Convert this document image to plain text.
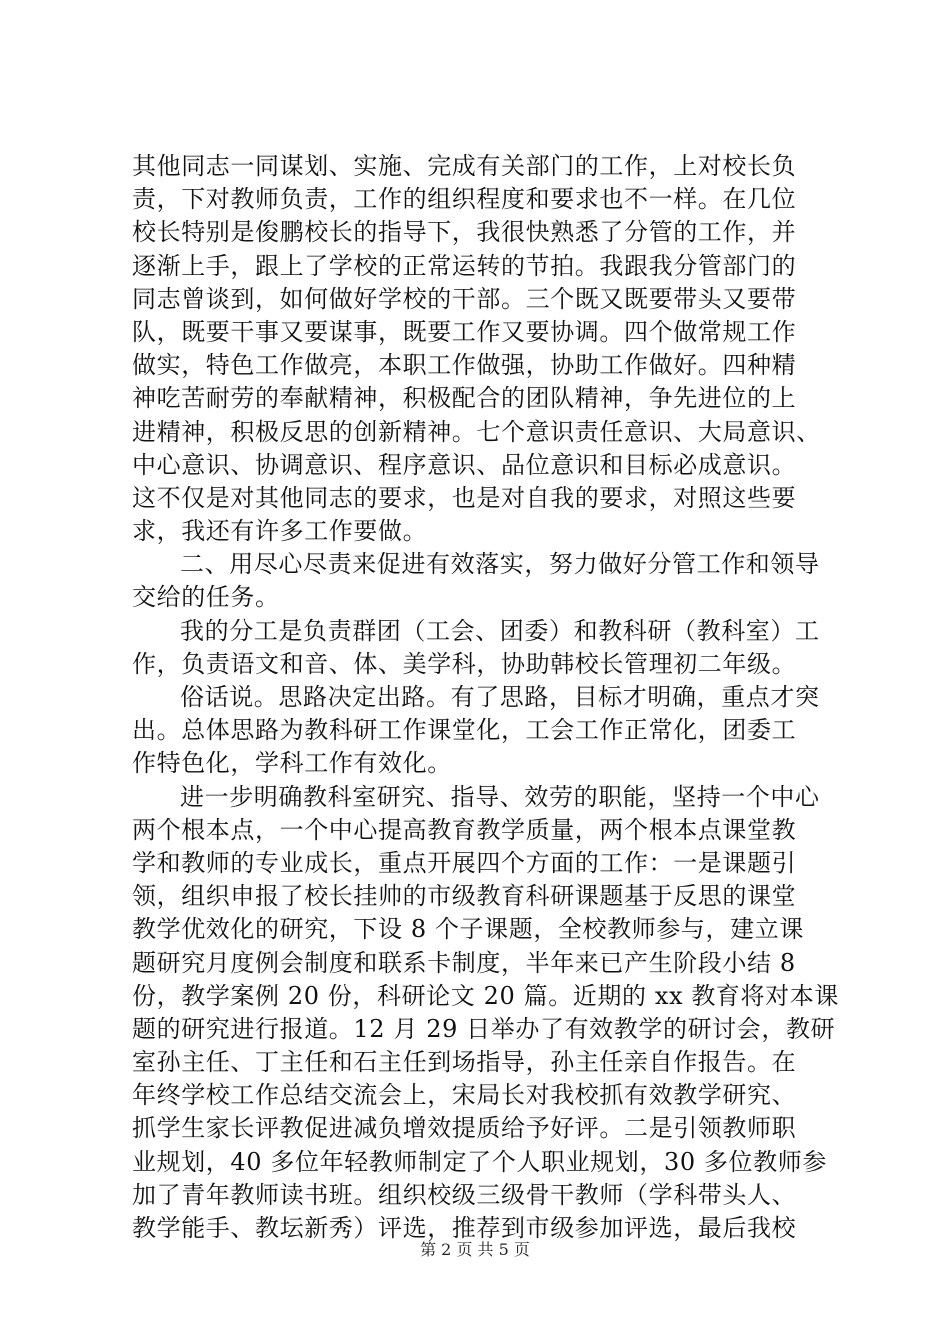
其他同志一同谋划、实施、完成有关部门的工作，上对校长负
责，下对教师负责，工作的组织程度和要求也不一样。在几位
校长特别是俊鹏校长的指导下，我很快熟悉了分管的工作，并
逐渐上手，跟上了学校的正常运转的节拍。我跟我分管部门的
同志曾谈到，如何做好学校的干部。三个既又既要带头又要带
队，既要干事又要谋事，既要工作又要协调。四个做常规工作
做实，特色工作做亮，本职工作做强，协助工作做好。四种精
神吃苦耐劳的奉献精神，积极配合的团队精神，争先进位的上
进精神，积极反思的创新精神。七个意识责任意识、大局意识、
中心意识、协调意识、程序意识、品位意识和目标必成意识。
这不仅是对其他同志的要求，也是对自我的要求，对照这些要
求，我还有许多工作要做。
二、用尽心尽责来促进有效落实，努力做好分管工作和领导
交给的任务。
我的分工是负责群团（工会、团委）和教科研（教科室）工
作，负责语文和音、体、美学科，协助韩校长管理初二年级。
俗话说。思路决定出路。有了思路，目标才明确，重点才突
出。总体思路为教科研工作课堂化，工会工作正常化，团委工
作特色化，学科工作有效化。
进一步明确教科室研究、指导、效劳的职能，坚持一个中心
两个根本点，一个中心提高教育教学质量，两个根本点课堂教
学和教师的专业成长，重点开展四个方面的工作：一是课题引
领，组织申报了校长挂帅的市级教育科研课题基于反思的课堂
教学优效化的研究，下设 8 个子课题，全校教师参与，建立课
题研究月度例会制度和联系卡制度，半年来已产生阶段小结 8
份，教学案例 20 份，科研论文 20 篇。近期的 xx 教育将对本课
题的研究进行报道。12 月 29 日举办了有效教学的研讨会，教研
室孙主任、丁主任和石主任到场指导，孙主任亲自作报告。在
年终学校工作总结交流会上，宋局长对我校抓有效教学研究、
抓学生家长评教促进减负增效提质给予好评。二是引领教师职
业规划，40 多位年轻教师制定了个人职业规划，30 多位教师参
加了青年教师读书班。组织校级三级骨干教师（学科带头人、
教学能手、教坛新秀）评选，推荐到市级参加评选，最后我校
第 2 页 共 5 页
